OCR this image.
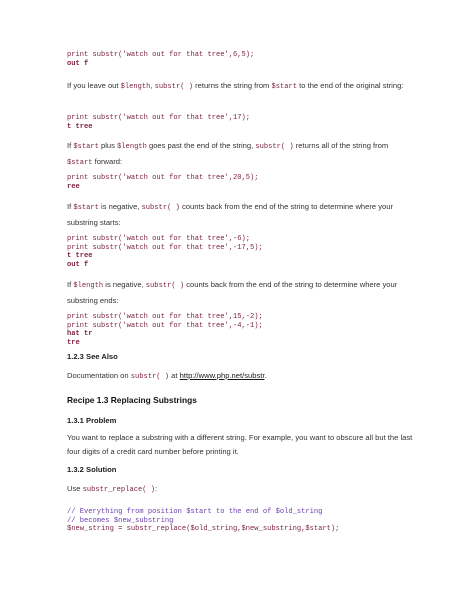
print substr('watch out for that tree',6,5);
out f
If you leave out $length, substr( ) returns the string from $start to the end of the original string:
print substr('watch out for that tree',17);
t tree
If $start plus $length goes past the end of the string, substr( ) returns all of the string from $start forward:
print substr('watch out for that tree',20,5);
ree
If $start is negative, substr( ) counts back from the end of the string to determine where your substring starts:
print substr('watch out for that tree',-6);
print substr('watch out for that tree',-17,5);
t tree
out f
If $length is negative, substr( ) counts back from the end of the string to determine where your substring ends:
print substr('watch out for that tree',15,-2);
print substr('watch out for that tree',-4,-1);
hat tr
tre
1.2.3 See Also
Documentation on substr( ) at http://www.php.net/substr.
Recipe 1.3 Replacing Substrings
1.3.1 Problem
You want to replace a substring with a different string. For example, you want to obscure all but the last four digits of a credit card number before printing it.
1.3.2 Solution
Use substr_replace( ):
// Everything from position $start to the end of $old_string
// becomes $new_substring
$new_string = substr_replace($old_string,$new_substring,$start);
